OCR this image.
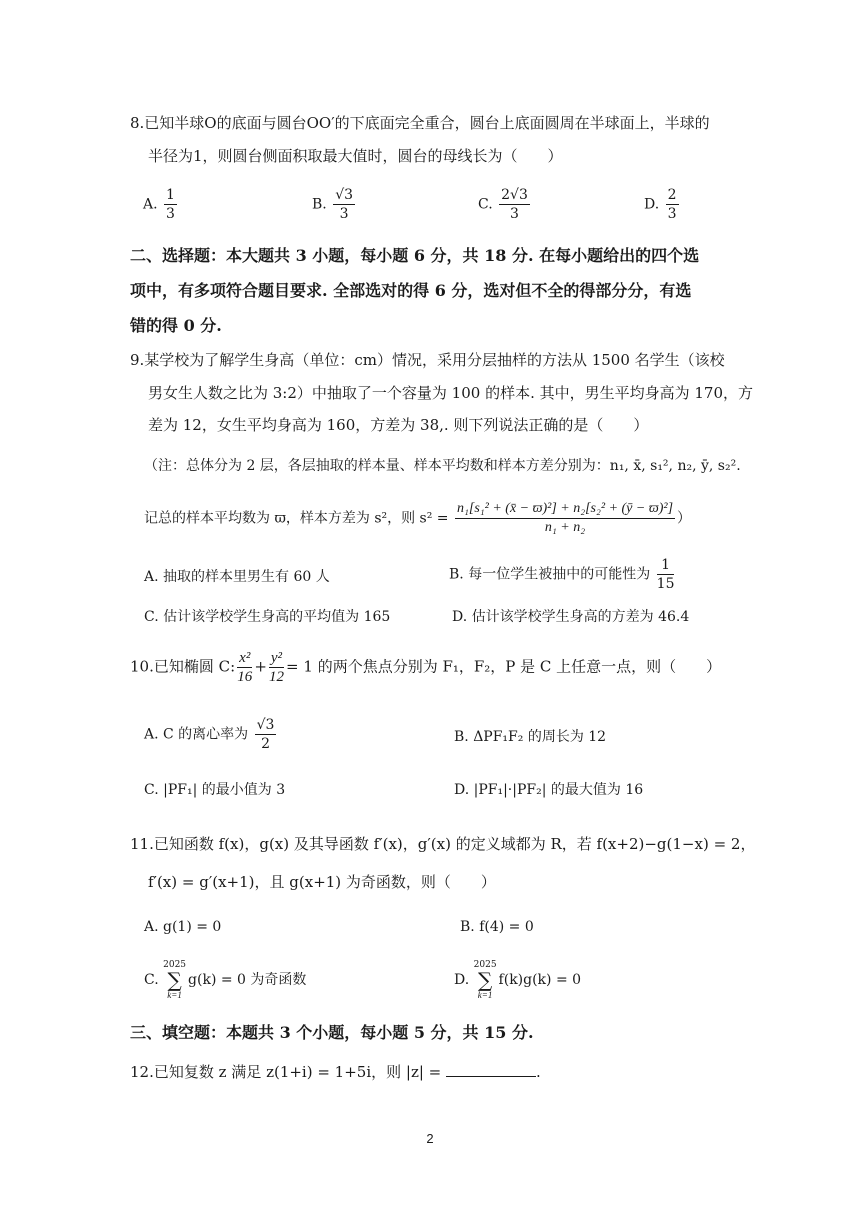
8.已知半球O的底面与圆台OO′的下底面完全重合，圆台上底面圆周在半球面上，半球的
半径为1，则圆台侧面积取最大值时，圆台的母线长为（　　）
A. $\frac{1}{3}$	B. $\frac{√3}{3}$	C. $\frac{2√3}{3}$	D. $\frac{2}{3}$
二、选择题：本大题共 3 小题，每小题 6 分，共 18 分. 在每小题给出的四个选
项中，有多项符合题目要求. 全部选对的得 6 分，选对但不全的得部分分，有选
错的得 0 分.
9.某学校为了解学生身高（单位：cm）情况，采用分层抽样的方法从 1500 名学生（该校
男女生人数之比为 3:2）中抽取了一个容量为 100 的样本. 其中，男生平均身高为 170，方
差为 12，女生平均身高为 160，方差为 38,. 则下列说法正确的是（　　）
（注：总体分为 2 层，各层抽取的样本量、样本平均数和样本方差分别为：n₁, x̄, s₁², n₂, ȳ, s₂².
记总的样本平均数为 ϖ，样本方差为 s²，则 $s^2 = \frac{\text{n₁[s₁² + (x̄ − ϖ)²] + n₂[s₂² + (ȳ − ϖ)²]}}{\text{n₁ + n₂}}$ ）
A. 抽取的样本里男生有 60 人	B. 每一位学生被抽中的可能性为 $\frac{1}{15}$
C. 估计该学校学生身高的平均值为 165	D. 估计该学校学生身高的方差为 46.4
10.已知椭圆 C: $\frac{\text{x²}}{16} + \frac{\text{y²}}{12} = 1$ 的两个焦点分别为 F₁，F₂，P 是 C 上任意一点，则（　　）
A. C 的离心率为 $\frac{√3}{2}$	B. ΔPF₁F₂ 的周长为 12
C. |PF₁| 的最小值为 3	D. |PF₁|·|PF₂| 的最大值为 16
11.已知函数 f(x)，g(x) 及其导函数 f′(x)，g′(x) 的定义域都为 R，若 f(x+2)−g(1−x) = 2，
f′(x) = g′(x+1)，且 g(x+1) 为奇函数，则（　　）
A. g(1) = 0	B. f(4) = 0
C.
2025
∑
k=1
g(k) = 0 为奇函数	D.
2025
∑
k=1
f(k)g(k) = 0
三、填空题：本题共 3 个小题，每小题 5 分，共 15 分.
12.已知复数 z 满足 z(1+i) = 1+5i，则 |z| =	.
2
